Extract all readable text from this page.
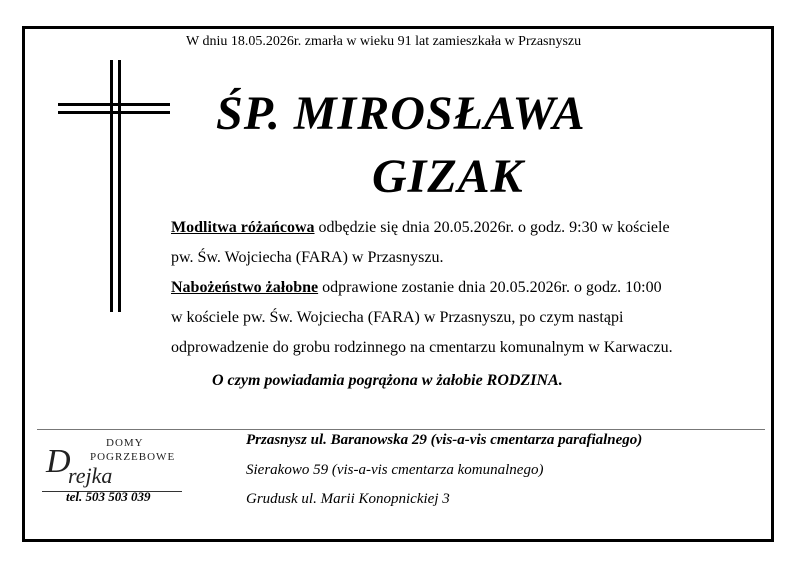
W dniu 18.05.2026r. zmarła w wieku 91 lat zamieszkała w Przasnyszu
ŚP. MIROSŁAWA
GIZAK
Modlitwa różańcowa odbędzie się dnia 20.05.2026r. o godz. 9:30 w kościele
pw. Św. Wojciecha (FARA) w Przasnyszu.
Nabożeństwo żałobne odprawione zostanie dnia 20.05.2026r. o godz. 10:00
w kościele pw. Św. Wojciecha (FARA) w Przasnyszu, po czym nastąpi
odprowadzenie do grobu rodzinnego na cmentarzu komunalnym w Karwaczu.
O czym powiadamia pogrążona w żałobie RODZINA.
DOMY
POGRZEBOWE
D
rejka
tel. 503 503 039
Przasnysz ul. Baranowska 29 (vis-a-vis cmentarza parafialnego)
Sierakowo 59 (vis-a-vis cmentarza komunalnego)
Grudusk ul. Marii Konopnickiej 3
